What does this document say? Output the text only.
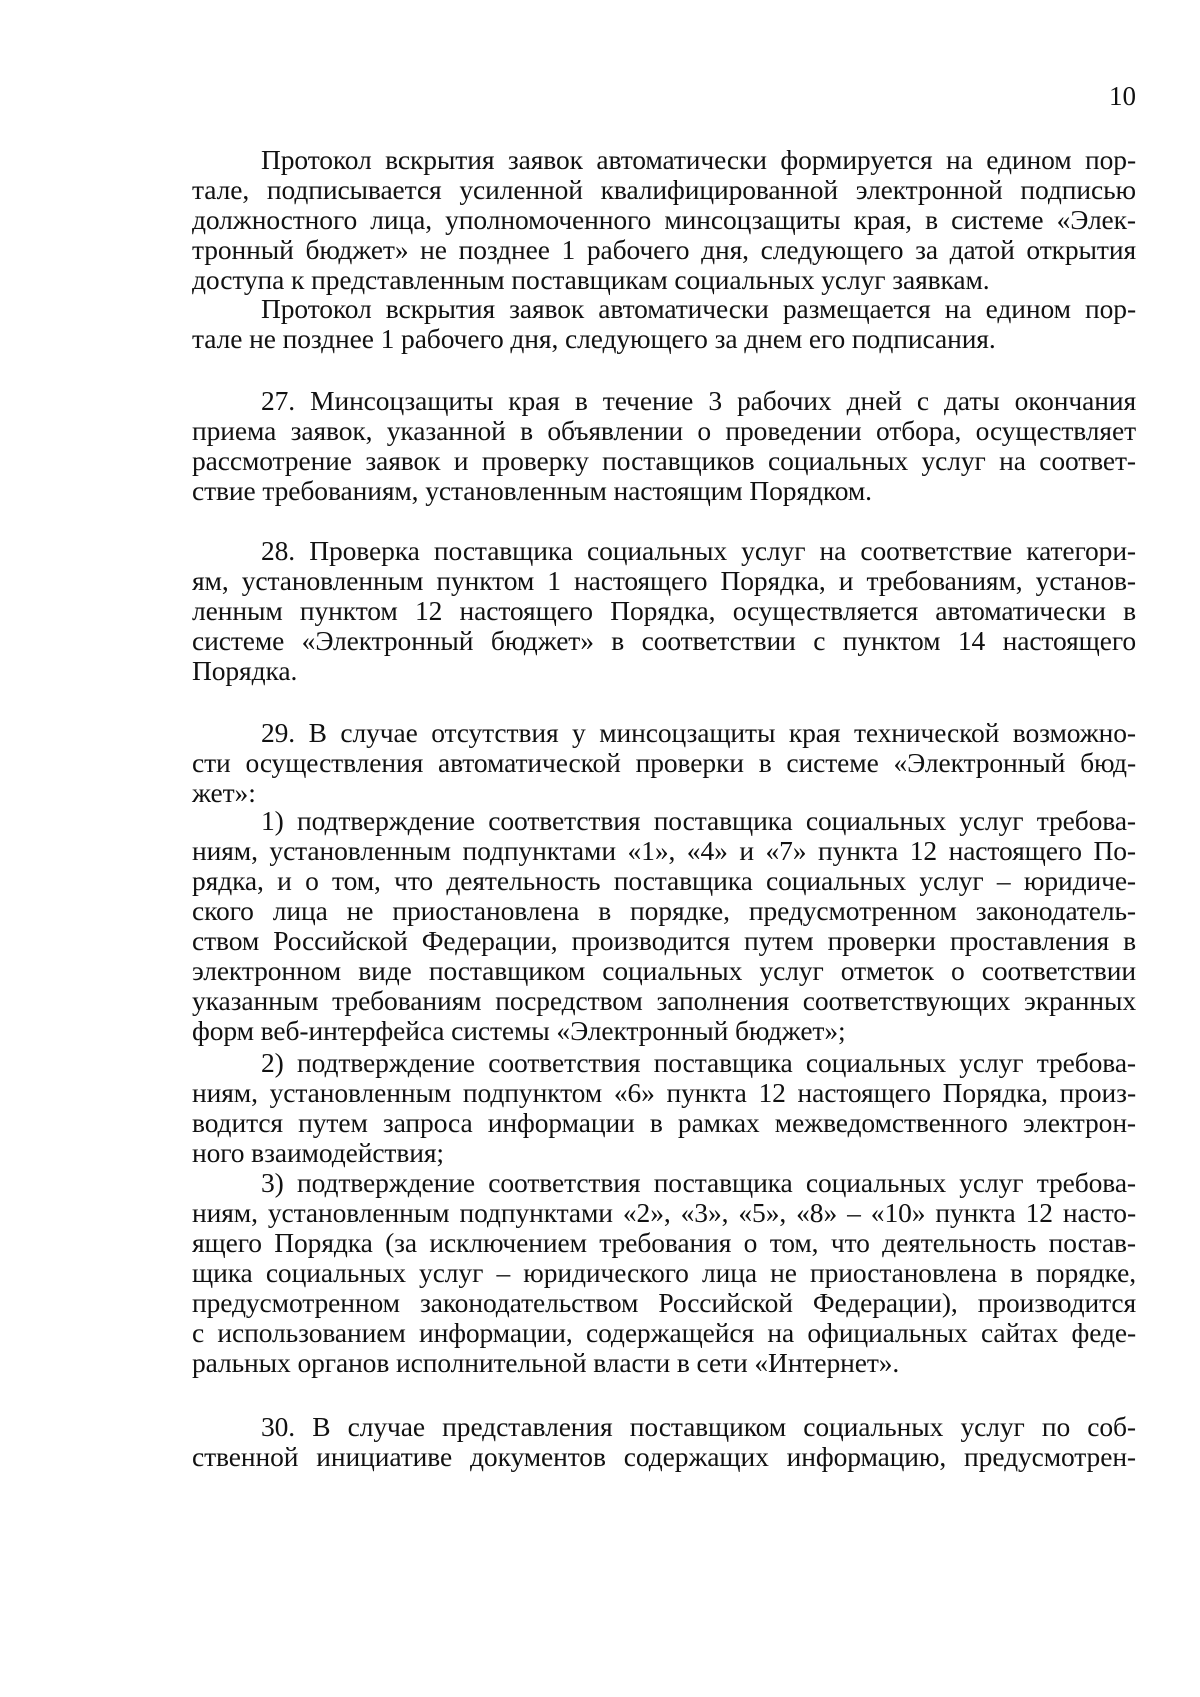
10
Протокол вскрытия заявок автоматически формируется на едином пор-
тале, подписывается усиленной квалифицированной электронной подписью
должностного лица, уполномоченного минсоцзащиты края, в системе «Элек-
тронный бюджет» не позднее 1 рабочего дня, следующего за датой открытия
доступа к представленным поставщикам социальных услуг заявкам.
Протокол вскрытия заявок автоматически размещается на едином пор-
тале не позднее 1 рабочего дня, следующего за днем его подписания.
27. Минсоцзащиты края в течение 3 рабочих дней с даты окончания
приема заявок, указанной в объявлении о проведении отбора, осуществляет
рассмотрение заявок и проверку поставщиков социальных услуг на соответ-
ствие требованиям, установленным настоящим Порядком.
28. Проверка поставщика социальных услуг на соответствие категори-
ям, установленным пунктом 1 настоящего Порядка, и требованиям, установ-
ленным пунктом 12 настоящего Порядка, осуществляется автоматически в
системе «Электронный бюджет» в соответствии с пунктом 14 настоящего
Порядка.
29. В случае отсутствия у минсоцзащиты края технической возможно-
сти осуществления автоматической проверки в системе «Электронный бюд-
жет»:
1) подтверждение соответствия поставщика социальных услуг требова-
ниям, установленным подпунктами «1», «4» и «7» пункта 12 настоящего По-
рядка, и о том, что деятельность поставщика социальных услуг – юридиче-
ского лица не приостановлена в порядке, предусмотренном законодатель-
ством Российской Федерации, производится путем проверки проставления в
электронном виде поставщиком социальных услуг отметок о соответствии
указанным требованиям посредством заполнения соответствующих экранных
форм веб-интерфейса системы «Электронный бюджет»;
2) подтверждение соответствия поставщика социальных услуг требова-
ниям, установленным подпунктом «6» пункта 12 настоящего Порядка, произ-
водится путем запроса информации в рамках межведомственного электрон-
ного взаимодействия;
3) подтверждение соответствия поставщика социальных услуг требова-
ниям, установленным подпунктами «2», «3», «5», «8» – «10» пункта 12 насто-
ящего Порядка (за исключением требования о том, что деятельность постав-
щика социальных услуг – юридического лица не приостановлена в порядке,
предусмотренном законодательством Российской Федерации), производится
с использованием информации, содержащейся на официальных сайтах феде-
ральных органов исполнительной власти в сети «Интернет».
30. В случае представления поставщиком социальных услуг по соб-
ственной инициативе документов содержащих информацию, предусмотрен-
